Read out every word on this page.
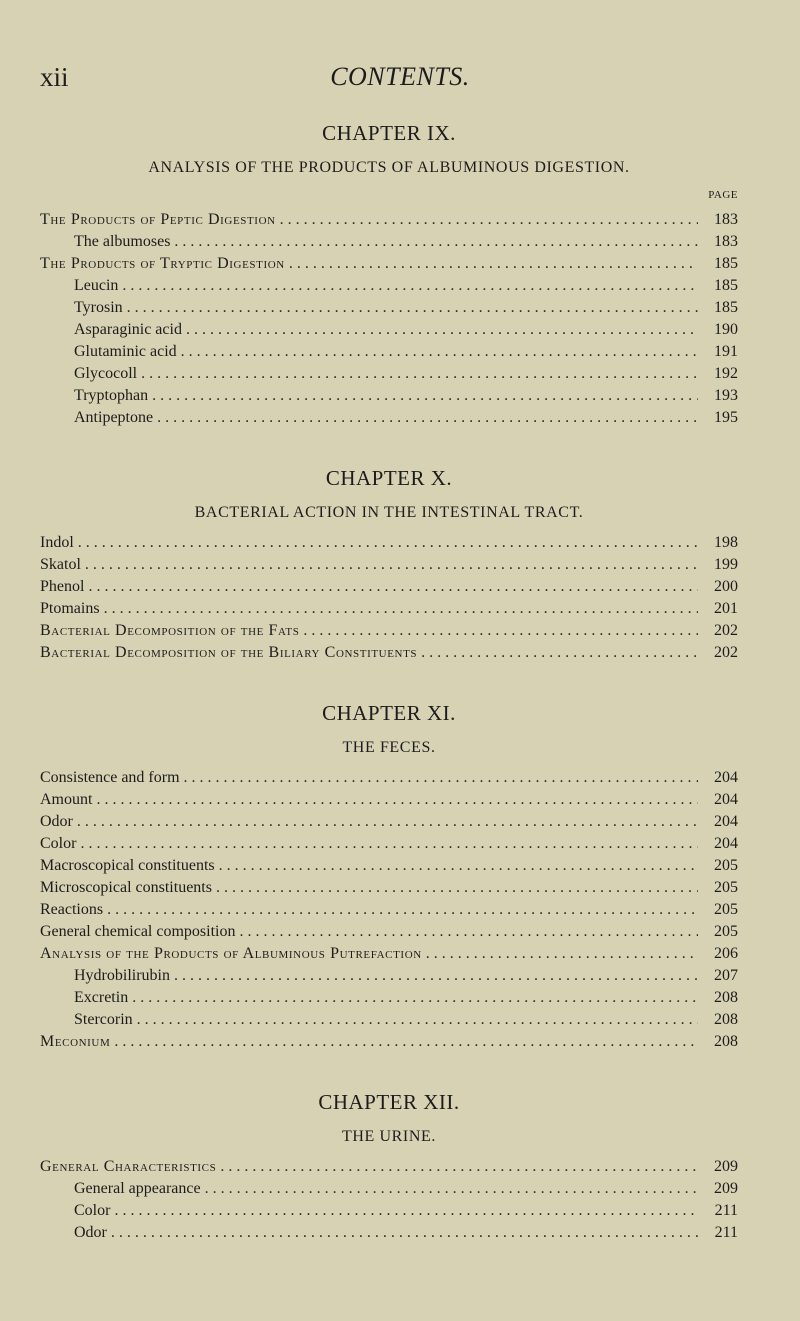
xii	CONTENTS.
CHAPTER IX.
ANALYSIS OF THE PRODUCTS OF ALBUMINOUS DIGESTION.
PAGE
The Products of Peptic Digestion . . .	183
The albumoses . . .	183
The Products of Tryptic Digestion . . .	185
Leucin . . .	185
Tyrosin . . .	185
Asparaginic acid . . .	190
Glutaminic acid . . .	191
Glycocoll . . .	192
Tryptophan . . .	193
Antipeptone . . .	195
CHAPTER X.
BACTERIAL ACTION IN THE INTESTINAL TRACT.
Indol . . .	198
Skatol . . .	199
Phenol . . .	200
Ptomains . . .	201
Bacterial Decomposition of the Fats . . .	202
Bacterial Decomposition of the Biliary Constituents . . .	202
CHAPTER XI.
THE FECES.
Consistence and form . . .	204
Amount . . .	204
Odor . . .	204
Color . . .	204
Macroscopical constituents . . .	205
Microscopical constituents . . .	205
Reactions . . .	205
General chemical composition . . .	205
Analysis of the Products of Albuminous Putrefaction . . .	206
Hydrobilirubin . . .	207
Excretin . . .	208
Stercorin . . .	208
Meconium . . .	208
CHAPTER XII.
THE URINE.
General Characteristics . . .	209
General appearance . . .	209
Color . . .	211
Odor . . .	211
